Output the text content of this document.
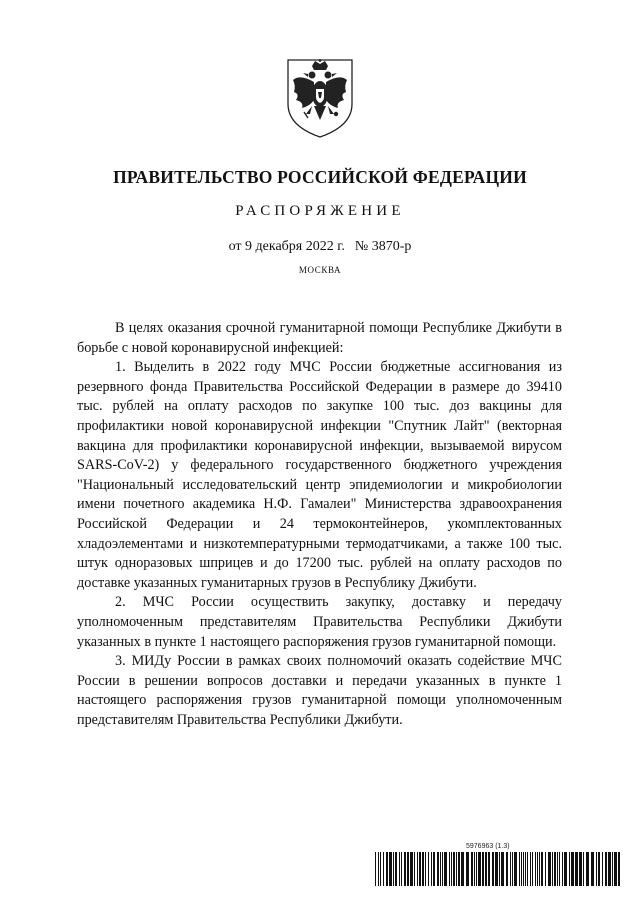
ПРАВИТЕЛЬСТВО РОССИЙСКОЙ ФЕДЕРАЦИИ
РАСПОРЯЖЕНИЕ
от 9 декабря 2022 г. № 3870-р
МОСКВА

В целях оказания срочной гуманитарной помощи Республике Джибути в борьбе с новой коронавирусной инфекцией:

1. Выделить в 2022 году МЧС России бюджетные ассигнования из резервного фонда Правительства Российской Федерации в размере до 39410 тыс. рублей на оплату расходов по закупке 100 тыс. доз вакцины для профилактики новой коронавирусной инфекции "Спутник Лайт" (векторная вакцина для профилактики коронавирусной инфекции, вызываемой вирусом SARS-CoV-2) у федерального государственного бюджетного учреждения "Национальный исследовательский центр эпидемиологии и микробиологии имени почетного академика Н.Ф. Гамалеи" Министерства здравоохранения Российской Федерации и 24 термоконтейнеров, укомплектованных хладоэлементами и низкотемпературными термодатчиками, а также 100 тыс. штук одноразовых шприцев и до 17200 тыс. рублей на оплату расходов по доставке указанных гуманитарных грузов в Республику Джибути.

2. МЧС России осуществить закупку, доставку и передачу уполномоченным представителям Правительства Республики Джибути указанных в пункте 1 настоящего распоряжения грузов гуманитарной помощи.

3. МИДу России в рамках своих полномочий оказать содействие МЧС России в решении вопросов доставки и передачи указанных в пункте 1 настоящего распоряжения грузов гуманитарной помощи уполномоченным представителям Правительства Республики Джибути.

5976963 (1.3)
